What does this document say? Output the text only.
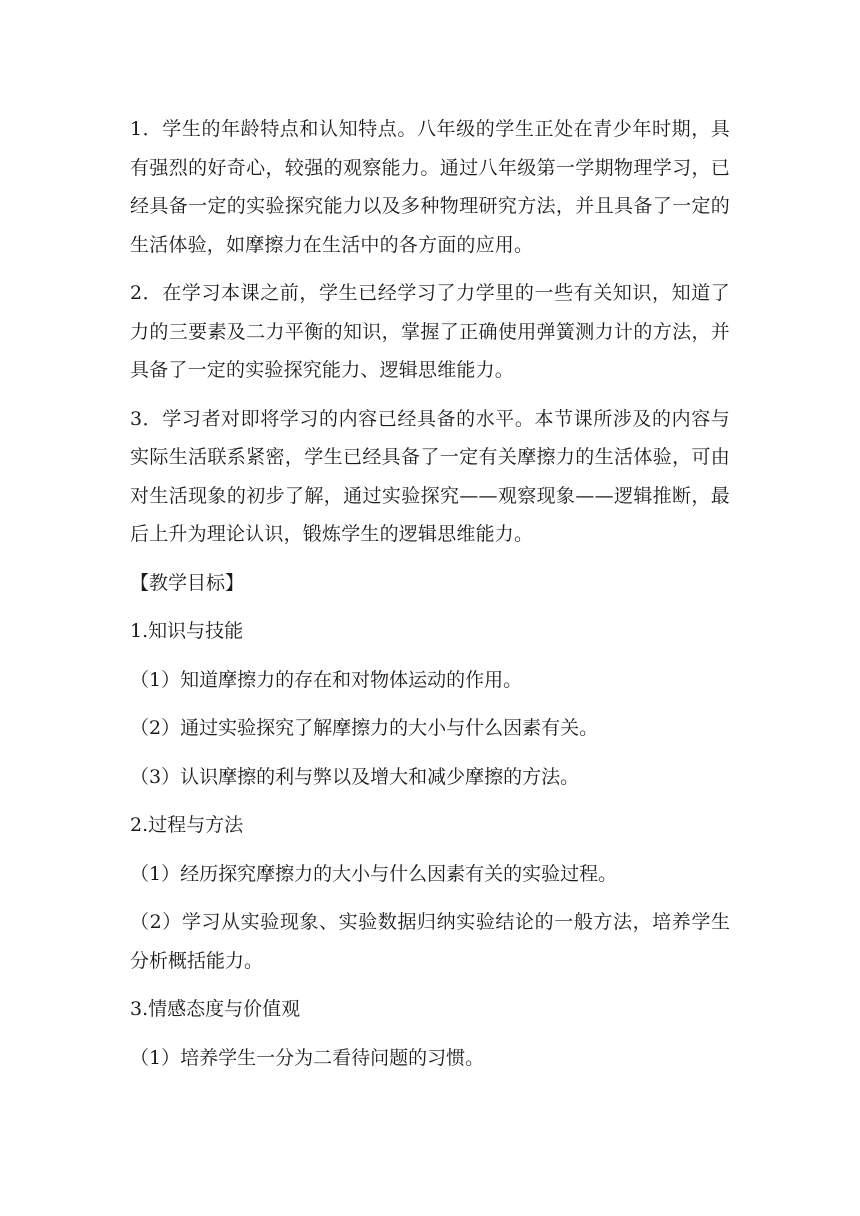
1．学生的年龄特点和认知特点。八年级的学生正处在青少年时期，具有强烈的好奇心，较强的观察能力。通过八年级第一学期物理学习，已经具备一定的实验探究能力以及多种物理研究方法，并且具备了一定的生活体验，如摩擦力在生活中的各方面的应用。

2．在学习本课之前，学生已经学习了力学里的一些有关知识，知道了力的三要素及二力平衡的知识，掌握了正确使用弹簧测力计的方法，并具备了一定的实验探究能力、逻辑思维能力。

3．学习者对即将学习的内容已经具备的水平。本节课所涉及的内容与实际生活联系紧密，学生已经具备了一定有关摩擦力的生活体验，可由对生活现象的初步了解，通过实验探究——观察现象——逻辑推断，最后上升为理论认识，锻炼学生的逻辑思维能力。

【教学目标】

1.知识与技能

（1）知道摩擦力的存在和对物体运动的作用。

（2）通过实验探究了解摩擦力的大小与什么因素有关。

（3）认识摩擦的利与弊以及增大和减少摩擦的方法。

2.过程与方法

（1）经历探究摩擦力的大小与什么因素有关的实验过程。

（2）学习从实验现象、实验数据归纳实验结论的一般方法，培养学生分析概括能力。

3.情感态度与价值观

（1）培养学生一分为二看待问题的习惯。
